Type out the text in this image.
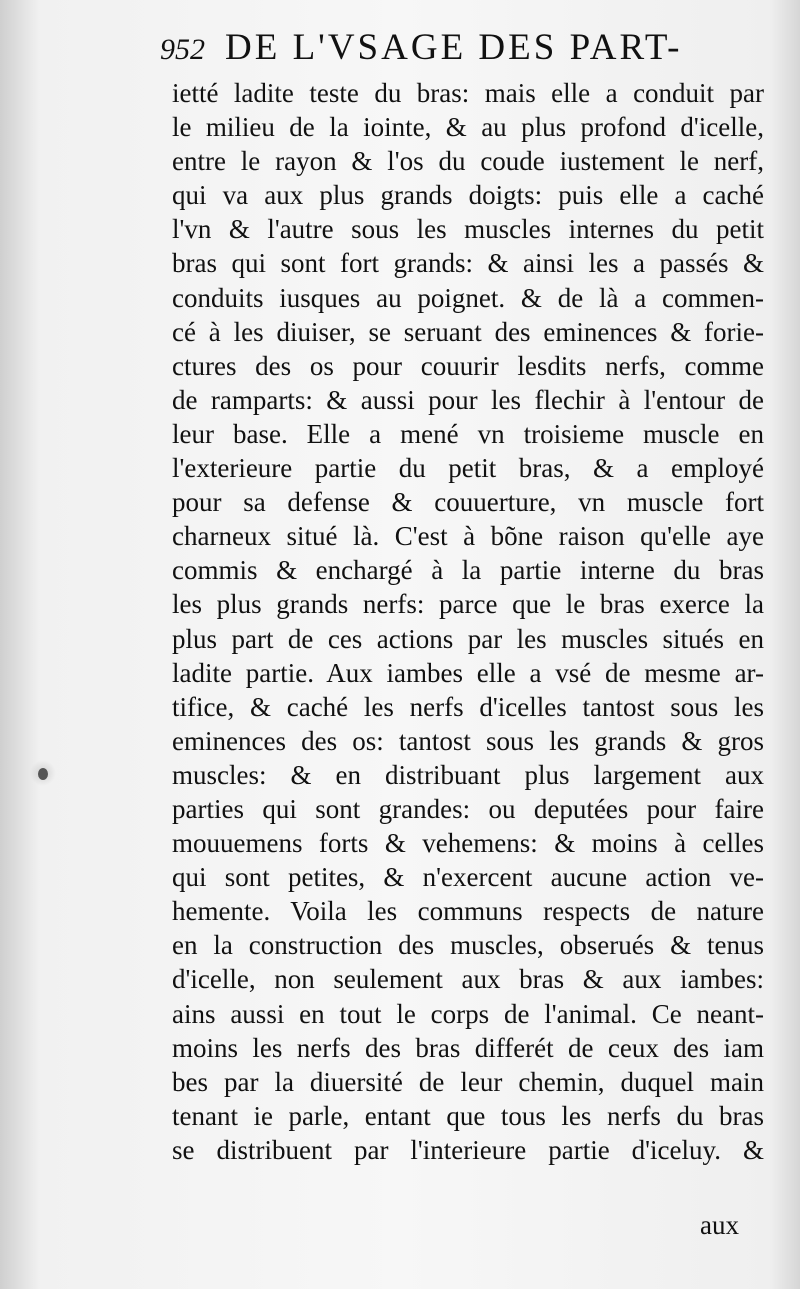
952 DE L'VSAGE DES PART-
ietté ladite teste du bras: mais elle a conduit par
le milieu de la iointe, & au plus profond d'icelle,
entre le rayon & l'os du coude iustement le nerf,
qui va aux plus grands doigts: puis elle a caché
l'vn & l'autre sous les muscles internes du petit
bras qui sont fort grands: & ainsi les a passés &
conduits iusques au poignet. & de là a commen-
cé à les diuiser, se seruant des eminences & forie-
ctures des os pour couurir lesdits nerfs, comme
de ramparts: & aussi pour les flechir à l'entour de
leur base. Elle a mené vn troisieme muscle en
l'exterieure partie du petit bras, & a employé
pour sa defense & couuerture, vn muscle fort
charneux situé là. C'est à bõne raison qu'elle aye
commis & enchargé à la partie interne du bras
les plus grands nerfs: parce que le bras exerce la
plus part de ces actions par les muscles situés en
ladite partie. Aux iambes elle a vsé de mesme ar-
tifice, & caché les nerfs d'icelles tantost sous les
eminences des os: tantost sous les grands & gros
muscles: & en distribuant plus largement aux
parties qui sont grandes: ou deputées pour faire
mouuemens forts & vehemens: & moins à celles
qui sont petites, & n'exercent aucune action ve-
hemente. Voila les communs respects de nature
en la construction des muscles, obserués & tenus
d'icelle, non seulement aux bras & aux iambes:
ains aussi en tout le corps de l'animal. Ce neant-
moins les nerfs des bras differét de ceux des iam
bes par la diuersité de leur chemin, duquel main
tenant ie parle, entant que tous les nerfs du bras
se distribuent par l'interieure partie d'iceluy. &
aux
